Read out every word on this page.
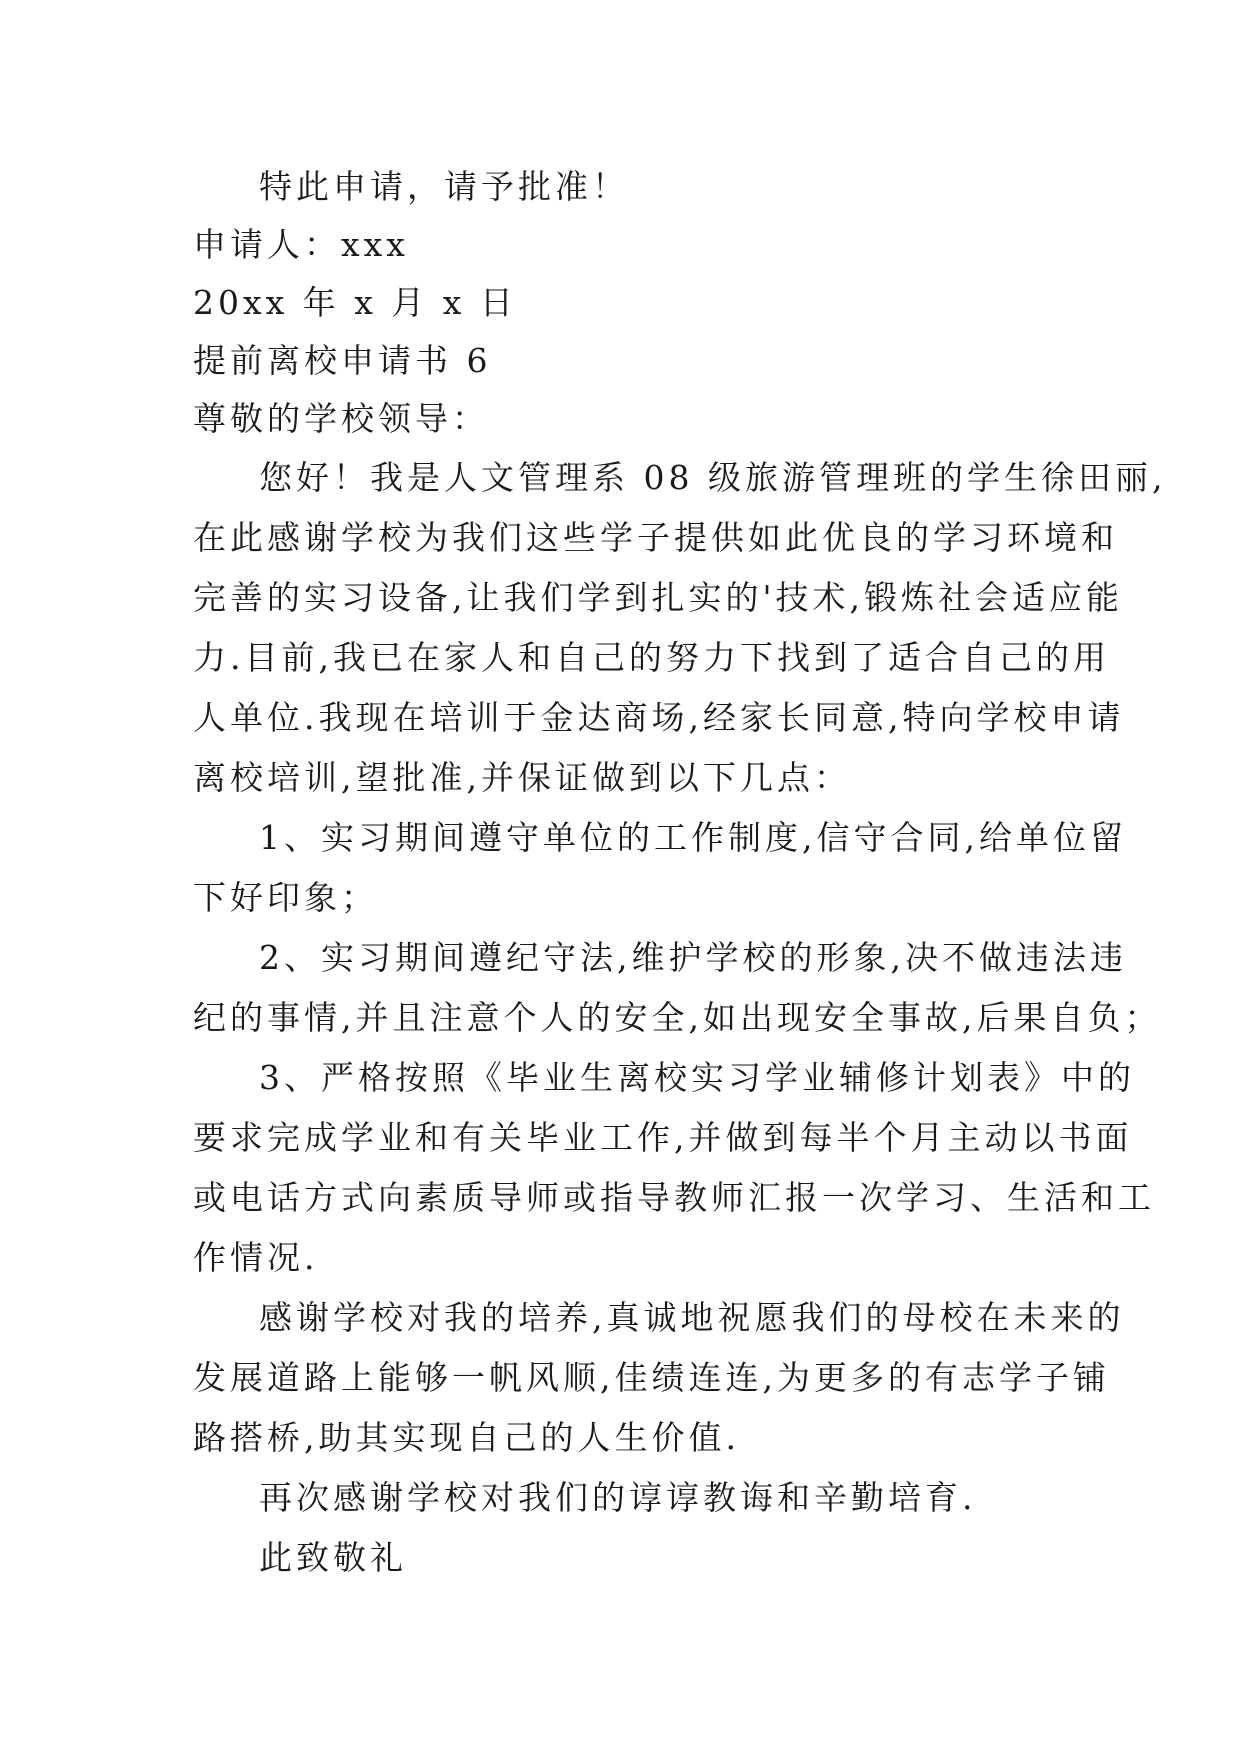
特此申请，请予批准！
申请人：xxx
20xx 年 x 月 x 日
提前离校申请书 6
尊敬的学校领导：
您好！我是人文管理系 08 级旅游管理班的学生徐田丽,
在此感谢学校为我们这些学子提供如此优良的学习环境和
完善的实习设备,让我们学到扎实的'技术,锻炼社会适应能
力.目前,我已在家人和自己的努力下找到了适合自己的用
人单位.我现在培训于金达商场,经家长同意,特向学校申请
离校培训,望批准,并保证做到以下几点：
1、实习期间遵守单位的工作制度,信守合同,给单位留
下好印象；
2、实习期间遵纪守法,维护学校的形象,决不做违法违
纪的事情,并且注意个人的安全,如出现安全事故,后果自负；
3、严格按照《毕业生离校实习学业辅修计划表》中的
要求完成学业和有关毕业工作,并做到每半个月主动以书面
或电话方式向素质导师或指导教师汇报一次学习、生活和工
作情况.
感谢学校对我的培养,真诚地祝愿我们的母校在未来的
发展道路上能够一帆风顺,佳绩连连,为更多的有志学子铺
路搭桥,助其实现自己的人生价值.
再次感谢学校对我们的谆谆教诲和辛勤培育.
此致敬礼
